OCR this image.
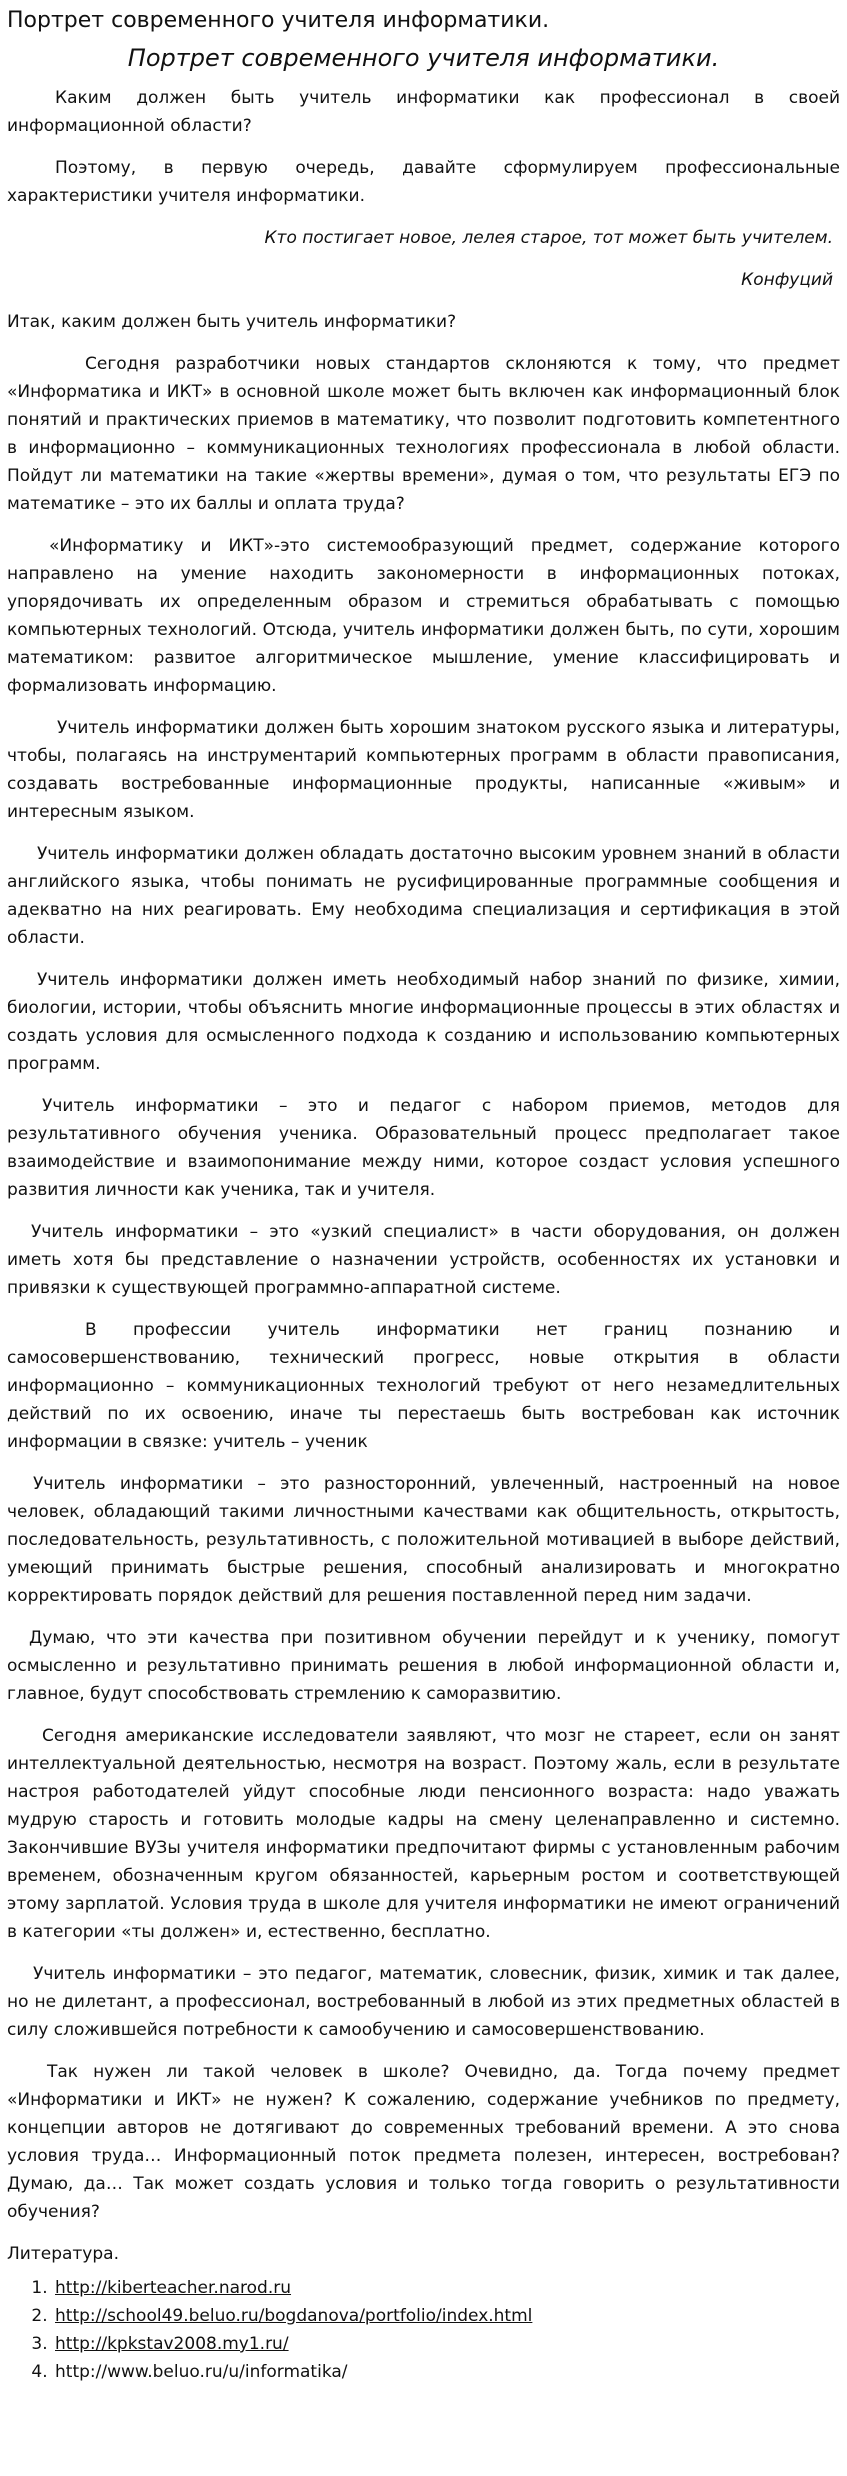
Портрет современного учителя информатики.
Портрет современного учителя информатики.

Каким должен быть учитель информатики как профессионал в своей информационной области?

Поэтому, в первую очередь, давайте сформулируем профессиональные характеристики учителя информатики.

Кто постигает новое, лелея старое, тот может быть учителем.
Конфуций
Итак, каким должен быть учитель информатики?

Сегодня разработчики новых стандартов склоняются к тому, что предмет «Информатика и ИКТ» в основной школе может быть включен как информационный блок понятий и практических приемов в математику, что позволит подготовить компетентного в информационно – коммуникационных технологиях профессионала в любой области. Пойдут ли математики на такие «жертвы времени», думая о том, что результаты ЕГЭ по математике – это их баллы и оплата труда?

«Информатику и ИКТ»-это системообразующий предмет, содержание которого направлено на умение находить закономерности в информационных потоках, упорядочивать их определенным образом и стремиться обрабатывать с помощью компьютерных технологий. Отсюда, учитель информатики должен быть, по сути, хорошим математиком: развитое алгоритмическое мышление, умение классифицировать и формализовать информацию.

Учитель информатики должен быть хорошим знатоком русского языка и литературы, чтобы, полагаясь на инструментарий компьютерных программ в области правописания, создавать востребованные информационные продукты, написанные «живым» и интересным языком.

Учитель информатики должен обладать достаточно высоким уровнем знаний в области английского языка, чтобы понимать не русифицированные программные сообщения и адекватно на них реагировать. Ему необходима специализация и сертификация в этой области.

Учитель информатики должен иметь необходимый набор знаний по физике, химии, биологии, истории, чтобы объяснить многие информационные процессы в этих областях и создать условия для осмысленного подхода к созданию и использованию компьютерных программ.

Учитель информатики – это и педагог с набором приемов, методов для результативного обучения ученика. Образовательный процесс предполагает такое взаимодействие и взаимопонимание между ними, которое создаст условия успешного развития личности как ученика, так и учителя.

Учитель информатики – это «узкий специалист» в части оборудования, он должен иметь хотя бы представление о назначении устройств, особенностях их установки и привязки к существующей программно-аппаратной системе.

В профессии учитель информатики нет границ познанию и самосовершенствованию, технический прогресс, новые открытия в области информационно – коммуникационных технологий требуют от него незамедлительных действий по их освоению, иначе ты перестаешь быть востребован как источник информации в связке: учитель – ученик

Учитель информатики – это разносторонний, увлеченный, настроенный на новое человек, обладающий такими личностными качествами как общительность, открытость, последовательность, результативность, с положительной мотивацией в выборе действий, умеющий принимать быстрые решения, способный анализировать и многократно корректировать порядок действий для решения поставленной перед ним задачи.

Думаю, что эти качества при позитивном обучении перейдут и к ученику, помогут осмысленно и результативно принимать решения в любой информационной области и, главное, будут способствовать стремлению к саморазвитию.

Сегодня американские исследователи заявляют, что мозг не стареет, если он занят интеллектуальной деятельностью, несмотря на возраст. Поэтому жаль, если в результате настроя работодателей уйдут способные люди пенсионного возраста: надо уважать мудрую старость и готовить молодые кадры на смену целенаправленно и системно. Закончившие ВУЗы учителя информатики предпочитают фирмы с установленным рабочим временем, обозначенным кругом обязанностей, карьерным ростом и соответствующей этому зарплатой. Условия труда в школе для учителя информатики не имеют ограничений в категории «ты должен» и, естественно, бесплатно.

Учитель информатики – это педагог, математик, словесник, физик, химик и так далее, но не дилетант, а профессионал, востребованный в любой из этих предметных областей в силу сложившейся потребности к самообучению и самосовершенствованию.

Так нужен ли такой человек в школе? Очевидно, да. Тогда почему предмет «Информатики и ИКТ» не нужен? К сожалению, содержание учебников по предмету, концепции авторов не дотягивают до современных требований времени. А это снова условия труда… Информационный поток предмета полезен, интересен, востребован? Думаю, да… Так может создать условия и только тогда говорить о результативности обучения?

Литература.
1. http://kiberteacher.narod.ru
2. http://school49.beluo.ru/bogdanova/portfolio/index.html
3. http://kpkstav2008.my1.ru/
4. http://www.beluo.ru/u/informatika/
